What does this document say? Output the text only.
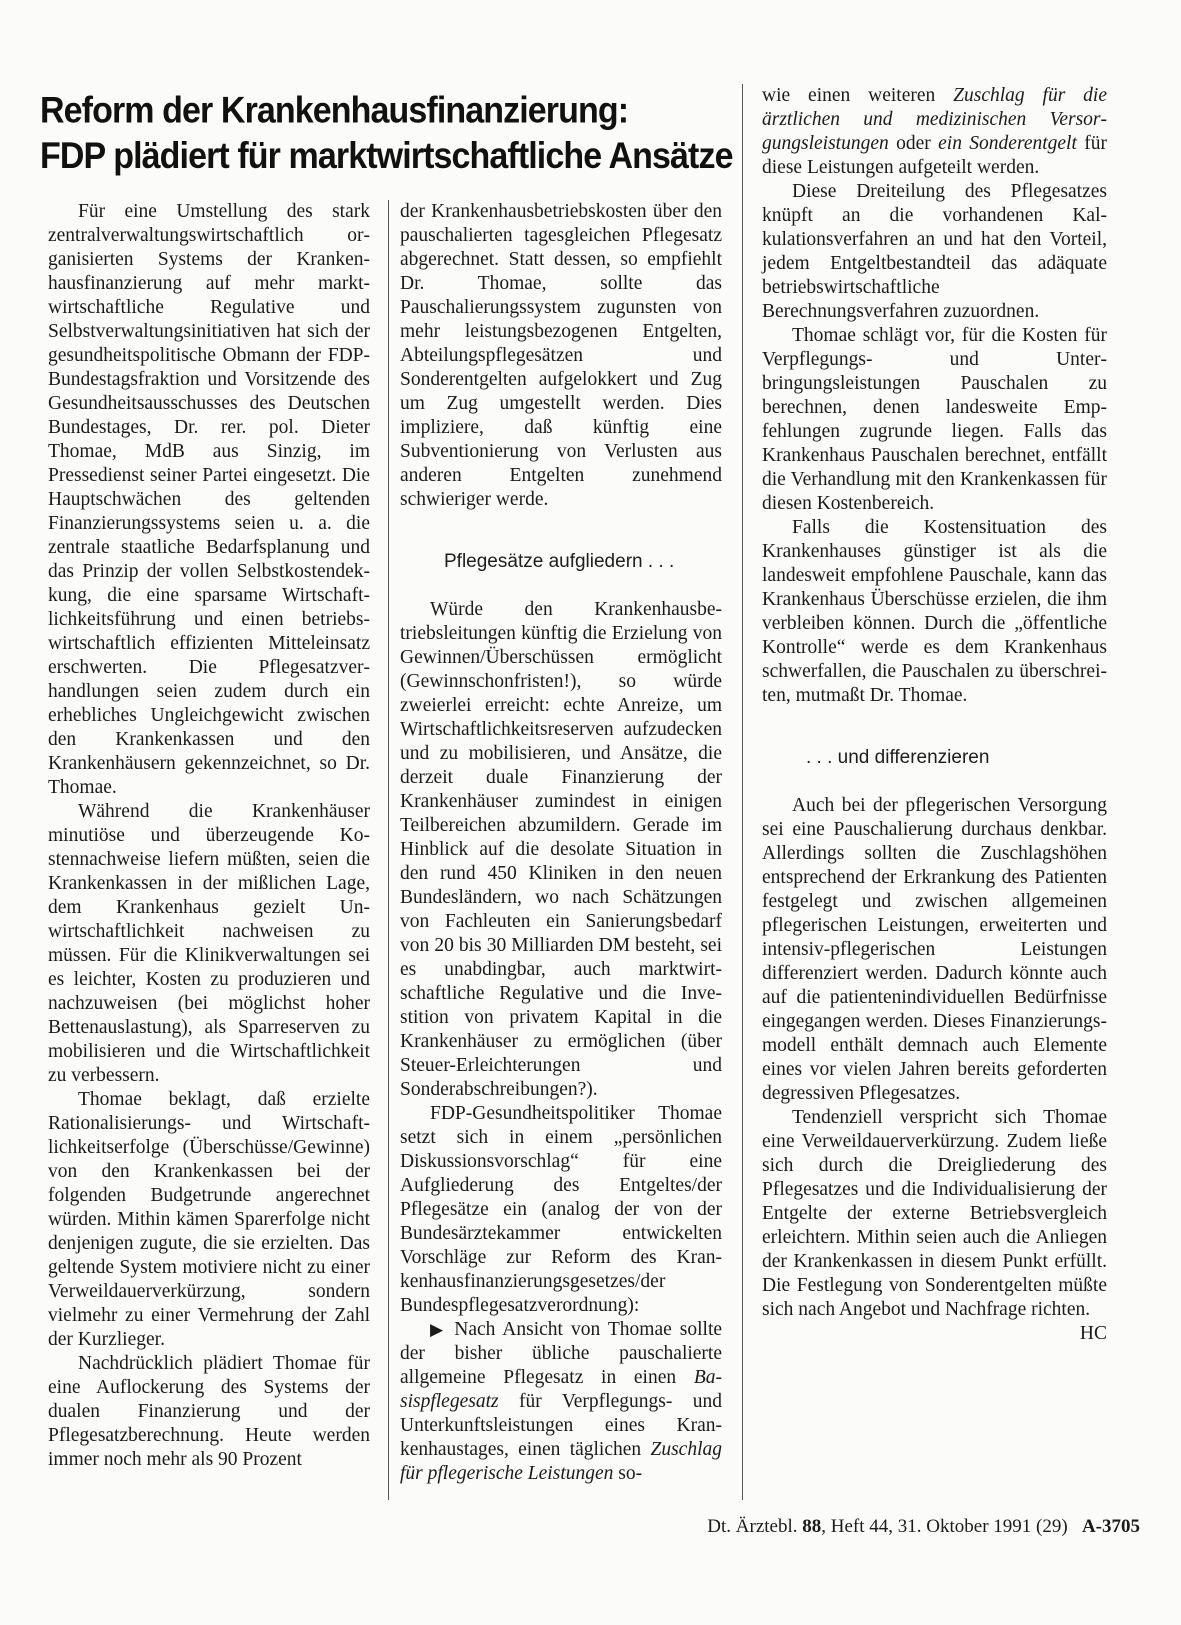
Reform der Krankenhausfinanzierung:
FDP plädiert für marktwirtschaftliche Ansätze

Für eine Umstellung des stark zentralverwaltungswirtschaftlich organisierten Systems der Krankenhausfinanzierung auf mehr marktwirtschaftliche Regulative und Selbstverwaltungsinitiativen hat sich der gesundheitspolitische Obmann der FDP-Bundestagsfraktion und Vorsitzende des Gesundheitsausschusses des Deutschen Bundestages, Dr. rer. pol. Dieter Thomae, MdB aus Sinzig, im Pressedienst seiner Partei eingesetzt. Die Hauptschwächen des geltenden Finanzierungssystems seien u. a. die zentrale staatliche Bedarfsplanung und das Prinzip der vollen Selbstkostendekkung, die eine sparsame Wirtschaftlichkeitsführung und einen betriebswirtschaftlich effizienten Mitteleinsatz erschwerten. Die Pflegesatzverhandlungen seien zudem durch ein erhebliches Ungleichgewicht zwischen den Krankenkassen und den Krankenhäusern gekennzeichnet, so Dr. Thomae.

Während die Krankenhäuser minutiöse und überzeugende Kostennachweise liefern müßten, seien die Krankenkassen in der mißlichen Lage, dem Krankenhaus gezielt Unwirtschaftlichkeit nachweisen zu müssen. Für die Klinikverwaltungen sei es leichter, Kosten zu produzieren und nachzuweisen (bei möglichst hoher Bettenauslastung), als Sparreserven zu mobilisieren und die Wirtschaftlichkeit zu verbessern.

Thomae beklagt, daß erzielte Rationalisierungs- und Wirtschaftlichkeitserfolge (Überschüsse/Gewinne) von den Krankenkassen bei der folgenden Budgetrunde angerechnet würden. Mithin kämen Sparerfolge nicht denjenigen zugute, die sie erzielten. Das geltende System motiviere nicht zu einer Verweildauerverkürzung, sondern vielmehr zu einer Vermehrung der Zahl der Kurzlieger.

Nachdrücklich plädiert Thomae für eine Auflockerung des Systems der dualen Finanzierung und der Pflegesatzberechnung. Heute werden immer noch mehr als 90 Prozent

der Krankenhausbetriebskosten über den pauschalierten tagesgleichen Pflegesatz abgerechnet. Statt dessen, so empfiehlt Dr. Thomae, sollte das Pauschalierungssystem zugunsten von mehr leistungsbezogenen Entgelten, Abteilungspflegesätzen und Sonderentgelten aufgelokkert und Zug um Zug umgestellt werden. Dies impliziere, daß künftig eine Subventionierung von Verlusten aus anderen Entgelten zunehmend schwieriger werde.

Pflegesätze aufgliedern . . .

Würde den Krankenhausbetriebsleitungen künftig die Erzielung von Gewinnen/Überschüssen ermöglicht (Gewinnschonfristen!), so würde zweierlei erreicht: echte Anreize, um Wirtschaftlichkeitsreserven aufzudecken und zu mobilisieren, und Ansätze, die derzeit duale Finanzierung der Krankenhäuser zumindest in einigen Teilbereichen abzumildern. Gerade im Hinblick auf die desolate Situation in den rund 450 Kliniken in den neuen Bundesländern, wo nach Schätzungen von Fachleuten ein Sanierungsbedarf von 20 bis 30 Milliarden DM besteht, sei es unabdingbar, auch marktwirtschaftliche Regulative und die Investition von privatem Kapital in die Krankenhäuser zu ermöglichen (über Steuer-Erleichterungen und Sonderabschreibungen?).

FDP-Gesundheitspolitiker Thomae setzt sich in einem „persönlichen Diskussionsvorschlag“ für eine Aufgliederung des Entgeltes/der Pflegesätze ein (analog der von der Bundesärztekammer entwickelten Vorschläge zur Reform des Krankenhausfinanzierungsgesetzes/der Bundespflegesatzverordnung):

▶ Nach Ansicht von Thomae sollte der bisher übliche pauschalierte allgemeine Pflegesatz in einen Basispflegesatz für Verpflegungs- und Unterkunftsleistungen eines Krankenhaustages, einen täglichen Zuschlag für pflegerische Leistungen so-

wie einen weiteren Zuschlag für die ärztlichen und medizinischen Versorgungsleistungen oder ein Sonderentgelt für diese Leistungen aufgeteilt werden.

Diese Dreiteilung des Pflegesatzes knüpft an die vorhandenen Kalkulationsverfahren an und hat den Vorteil, jedem Entgeltbestandteil das adäquate betriebswirtschaftliche Berechnungsverfahren zuzuordnen.

Thomae schlägt vor, für die Kosten für Verpflegungs- und Unterbringungsleistungen Pauschalen zu berechnen, denen landesweite Empfehlungen zugrunde liegen. Falls das Krankenhaus Pauschalen berechnet, entfällt die Verhandlung mit den Krankenkassen für diesen Kostenbereich.

Falls die Kostensituation des Krankenhauses günstiger ist als die landesweit empfohlene Pauschale, kann das Krankenhaus Überschüsse erzielen, die ihm verbleiben können. Durch die „öffentliche Kontrolle“ werde es dem Krankenhaus schwerfallen, die Pauschalen zu überschreiten, mutmaßt Dr. Thomae.

. . . und differenzieren

Auch bei der pflegerischen Versorgung sei eine Pauschalierung durchaus denkbar. Allerdings sollten die Zuschlagshöhen entsprechend der Erkrankung des Patienten festgelegt und zwischen allgemeinen pflegerischen Leistungen, erweiterten und intensiv-pflegerischen Leistungen differenziert werden. Dadurch könnte auch auf die patientenindividuellen Bedürfnisse eingegangen werden. Dieses Finanzierungsmodell enthält demnach auch Elemente eines vor vielen Jahren bereits geforderten degressiven Pflegesatzes.

Tendenziell verspricht sich Thomae eine Verweildauerverkürzung. Zudem ließe sich durch die Dreigliederung des Pflegesatzes und die Individualisierung der Entgelte der externe Betriebsvergleich erleichtern. Mithin seien auch die Anliegen der Krankenkassen in diesem Punkt erfüllt. Die Festlegung von Sonderentgelten müßte sich nach Angebot und Nachfrage richten.
HC

Dt. Ärztebl. 88, Heft 44, 31. Oktober 1991 (29) A-3705
